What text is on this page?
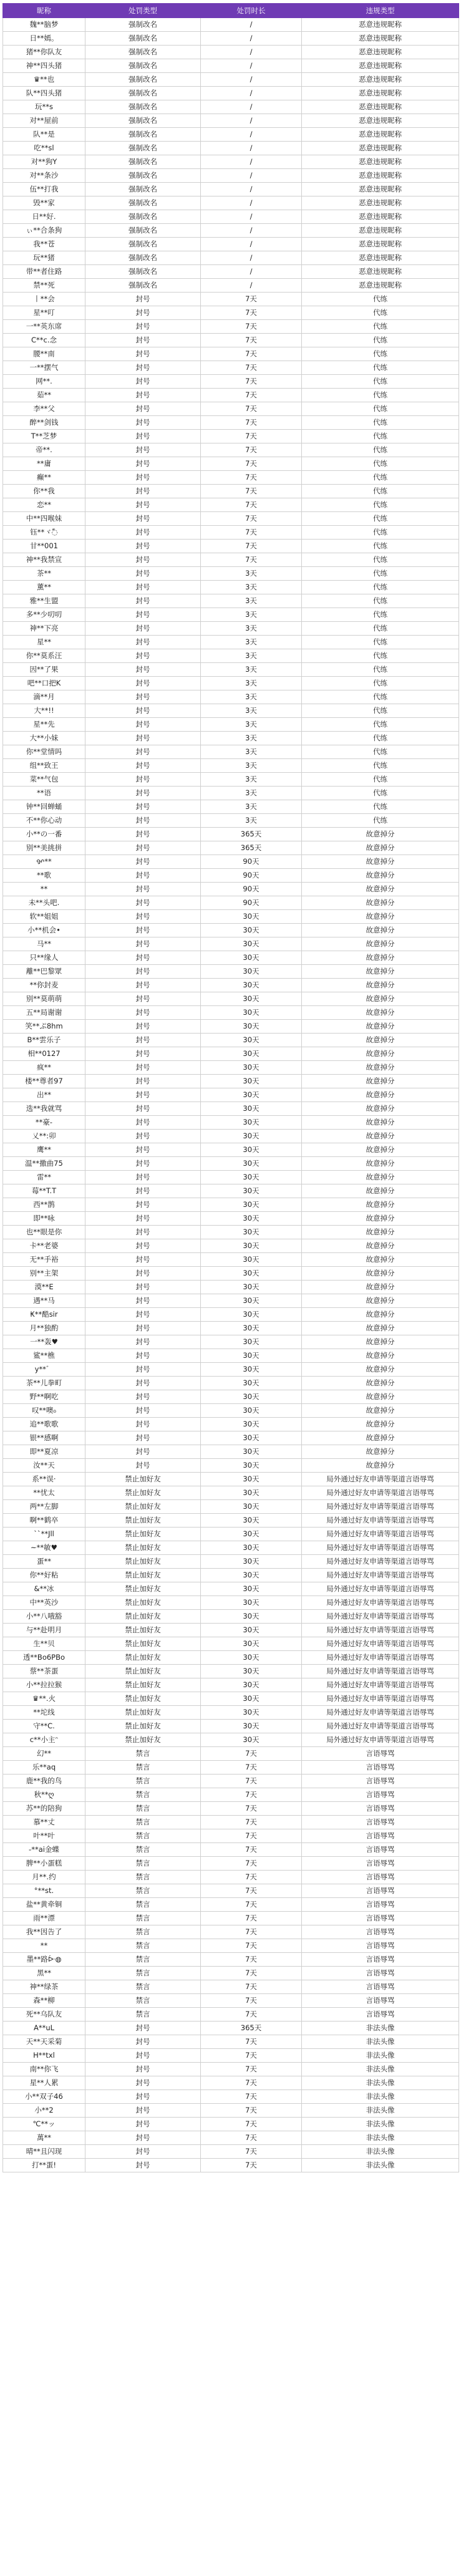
昵称	处罚类型	处罚时长	违规类型
魏**脑梦	强制改名	/	恶意违规昵称
日**嫣。	强制改名	/	恶意违规昵称
猪**你队友	强制改名	/	恶意违规昵称
神**四头猪	强制改名	/	恶意违规昵称
♛**也	强制改名	/	恶意违规昵称
队**四头猪	强制改名	/	恶意违规昵称
玩**s	强制改名	/	恶意违规昵称
对**屋前	强制改名	/	恶意违规昵称
队**是	强制改名	/	恶意违规昵称
吃**sl	强制改名	/	恶意违规昵称
对**狗Y	强制改名	/	恶意违规昵称
对**条沙	强制改名	/	恶意违规昵称
伍**打我	强制改名	/	恶意违规昵称
毁**家	强制改名	/	恶意违规昵称
日**好.	强制改名	/	恶意违规昵称
ぃ**合条狗	强制改名	/	恶意违规昵称
我**苍	强制改名	/	恶意违规昵称
玩**猪	强制改名	/	恶意违规昵称
带**者住路	强制改名	/	恶意违规昵称
禁**死	强制改名	/	恶意违规昵称
丨**会	封号	7天	代练
星**叮	封号	7天	代练
一**英东席	封号	7天	代练
C**c.念	封号	7天	代练
腰**南	封号	7天	代练
一**摆气	封号	7天	代练
网**.	封号	7天	代练
茹**	封号	7天	代练
李**父	封号	7天	代练
醉**剑钱	封号	7天	代练
T**芝梦	封号	7天	代练
帝**.	封号	7天	代练
**庸	封号	7天	代练
癫**	封号	7天	代练
你**我	封号	7天	代练
恋**	封号	7天	代练
中**四喉妹	封号	7天	代练
钰**ヾ◌ّ	封号	7天	代练
甘**001	封号	7天	代练
神**我禁宣	封号	7天	代练
茶**	封号	3天	代练
薰**	封号	3天	代练
雅**生盟	封号	3天	代练
多**少叨叨	封号	3天	代练
神**下亮	封号	3天	代练
星**	封号	3天	代练
你**莫系汪	封号	3天	代练
因**了果	封号	3天	代练
吧**口把K	封号	3天	代练
滴**月	封号	3天	代练
大**!!	封号	3天	代练
星**先	封号	3天	代练
大**小妹	封号	3天	代练
你**堂情吗	封号	3天	代练
组**致王	封号	3天	代练
菜**气包	封号	3天	代练
**语	封号	3天	代练
钟**回蝉蛹	封号	3天	代练
不**你心动	封号	3天	代练
小**の一番	封号	365天	故意掉分
别**美挑拼	封号	365天	故意掉分
ꨀ**	封号	90天	故意掉分
**歌	封号	90天	故意掉分
**	封号	90天	故意掉分
未**头吧.	封号	90天	故意掉分
软**姐姐	封号	30天	故意掉分
小**机会•	封号	30天	故意掉分
马**	封号	30天	故意掉分
只**缘人	封号	30天	故意掉分
離**巴黎眾	封号	30天	故意掉分
**你封麦	封号	30天	故意掉分
别**莫萌萌	封号	30天	故意掉分
五**局谢谢	封号	30天	故意掉分
笑**ぷ8hm	封号	30天	故意掉分
B**雲乐子	封号	30天	故意掉分
相**0127	封号	30天	故意掉分
疯**	封号	30天	故意掉分
楼**尊者97	封号	30天	故意掉分
出**	封号	30天	故意掉分
选**我就骂	封号	30天	故意掉分
**豪-	封号	30天	故意掉分
乂**:卯	封号	30天	故意掉分
鹰**	封号	30天	故意掉分
温**撒曲75	封号	30天	故意掉分
雷**	封号	30天	故意掉分
莓**T.T	封号	30天	故意掉分
西**鹊	封号	30天	故意掉分
即**咏	封号	30天	故意掉分
也**眼是你	封号	30天	故意掉分
卡**老婆	封号	30天	故意掉分
无**手裕	封号	30天	故意掉分
别**主架	封号	30天	故意掉分
漠**E	封号	30天	故意掉分
遇**马	封号	30天	故意掉分
₭**酷sir	封号	30天	故意掉分
月**独酌	封号	30天	故意掉分
一**轰♥	封号	30天	故意掉分
鲨**樵	封号	30天	故意掉分
y**゛	封号	30天	故意掉分
茶**儿拳町	封号	30天	故意掉分
野**啊吃	封号	30天	故意掉分
叹**噢₀	封号	30天	故意掉分
追**歌歌	封号	30天	故意掉分
银**感啊	封号	30天	故意掉分
即**夏凉	封号	30天	故意掉分
汝**天	封号	30天	故意掉分
系**误·	禁止加好友	30天	局外通过好友申请等渠道言语辱骂
**忧太	禁止加好友	30天	局外通过好友申请等渠道言语辱骂
两**左脚	禁止加好友	30天	局外通过好友申请等渠道言语辱骂
啊**鹤卒	禁止加好友	30天	局外通过好友申请等渠道言语辱骂
``**Jll	禁止加好友	30天	局外通过好友申请等渠道言语辱骂
~**敏♥	禁止加好友	30天	局外通过好友申请等渠道言语辱骂
蛋**	禁止加好友	30天	局外通过好友申请等渠道言语辱骂
你**好粘	禁止加好友	30天	局外通过好友申请等渠道言语辱骂
&**冰	禁止加好友	30天	局外通过好友申请等渠道言语辱骂
中**英沙	禁止加好友	30天	局外通过好友申请等渠道言语辱骂
小**八哦豁	禁止加好友	30天	局外通过好友申请等渠道言语辱骂
与**赴明月	禁止加好友	30天	局外通过好友申请等渠道言语辱骂
生**贝	禁止加好友	30天	局外通过好友申请等渠道言语辱骂
透**Bo6PBo	禁止加好友	30天	局外通过好友申请等渠道言语辱骂
蔡**茶蛋	禁止加好友	30天	局外通过好友申请等渠道言语辱骂
小**拉拉猴	禁止加好友	30天	局外通过好友申请等渠道言语辱骂
♛**.火	禁止加好友	30天	局外通过好友申请等渠道言语辱骂
**坨线	禁止加好友	30天	局外通过好友申请等渠道言语辱骂
守**C.	禁止加好友	30天	局外通过好友申请等渠道言语辱骂
c**小主ᵔ	禁止加好友	30天	局外通过好友申请等渠道言语辱骂
幻**	禁言	7天	言语辱骂
乐**aq	禁言	7天	言语辱骂
鹿**我的鸟	禁言	7天	言语辱骂
秋**ღ	禁言	7天	言语辱骂
苏**的陪狗	禁言	7天	言语辱骂
慕**丈	禁言	7天	言语辱骂
叶**叶	禁言	7天	言语辱骂
-**ai金蝶	禁言	7天	言语辱骂
脾**小蛋糕	禁言	7天	言语辱骂
月**.约	禁言	7天	言语辱骂
°**st.	禁言	7天	言语辱骂
盐**黄牵铜	禁言	7天	言语辱骂
雨**漂	禁言	7天	言语辱骂
我**因告了	禁言	7天	言语辱骂
**	禁言	7天	言语辱骂
墨**路ᐕ◍	禁言	7天	言语辱骂
黑**	禁言	7天	言语辱骂
神**绿茶	禁言	7天	言语辱骂
森**柳	禁言	7天	言语辱骂
死**乌队友	禁言	7天	言语辱骂
A**uL	封号	365天	非法头像
天**天采菊	封号	7天	非法头像
H**txl	封号	7天	非法头像
南**你飞	封号	7天	非法头像
星**人累	封号	7天	非法头像
小**双子46	封号	7天	非法头像
小**2	封号	7天	非法头像
℃**ッ	封号	7天	非法头像
萬**	封号	7天	非法头像
晴**且闪现	封号	7天	非法头像
打**蛋!	封号	7天	非法头像
